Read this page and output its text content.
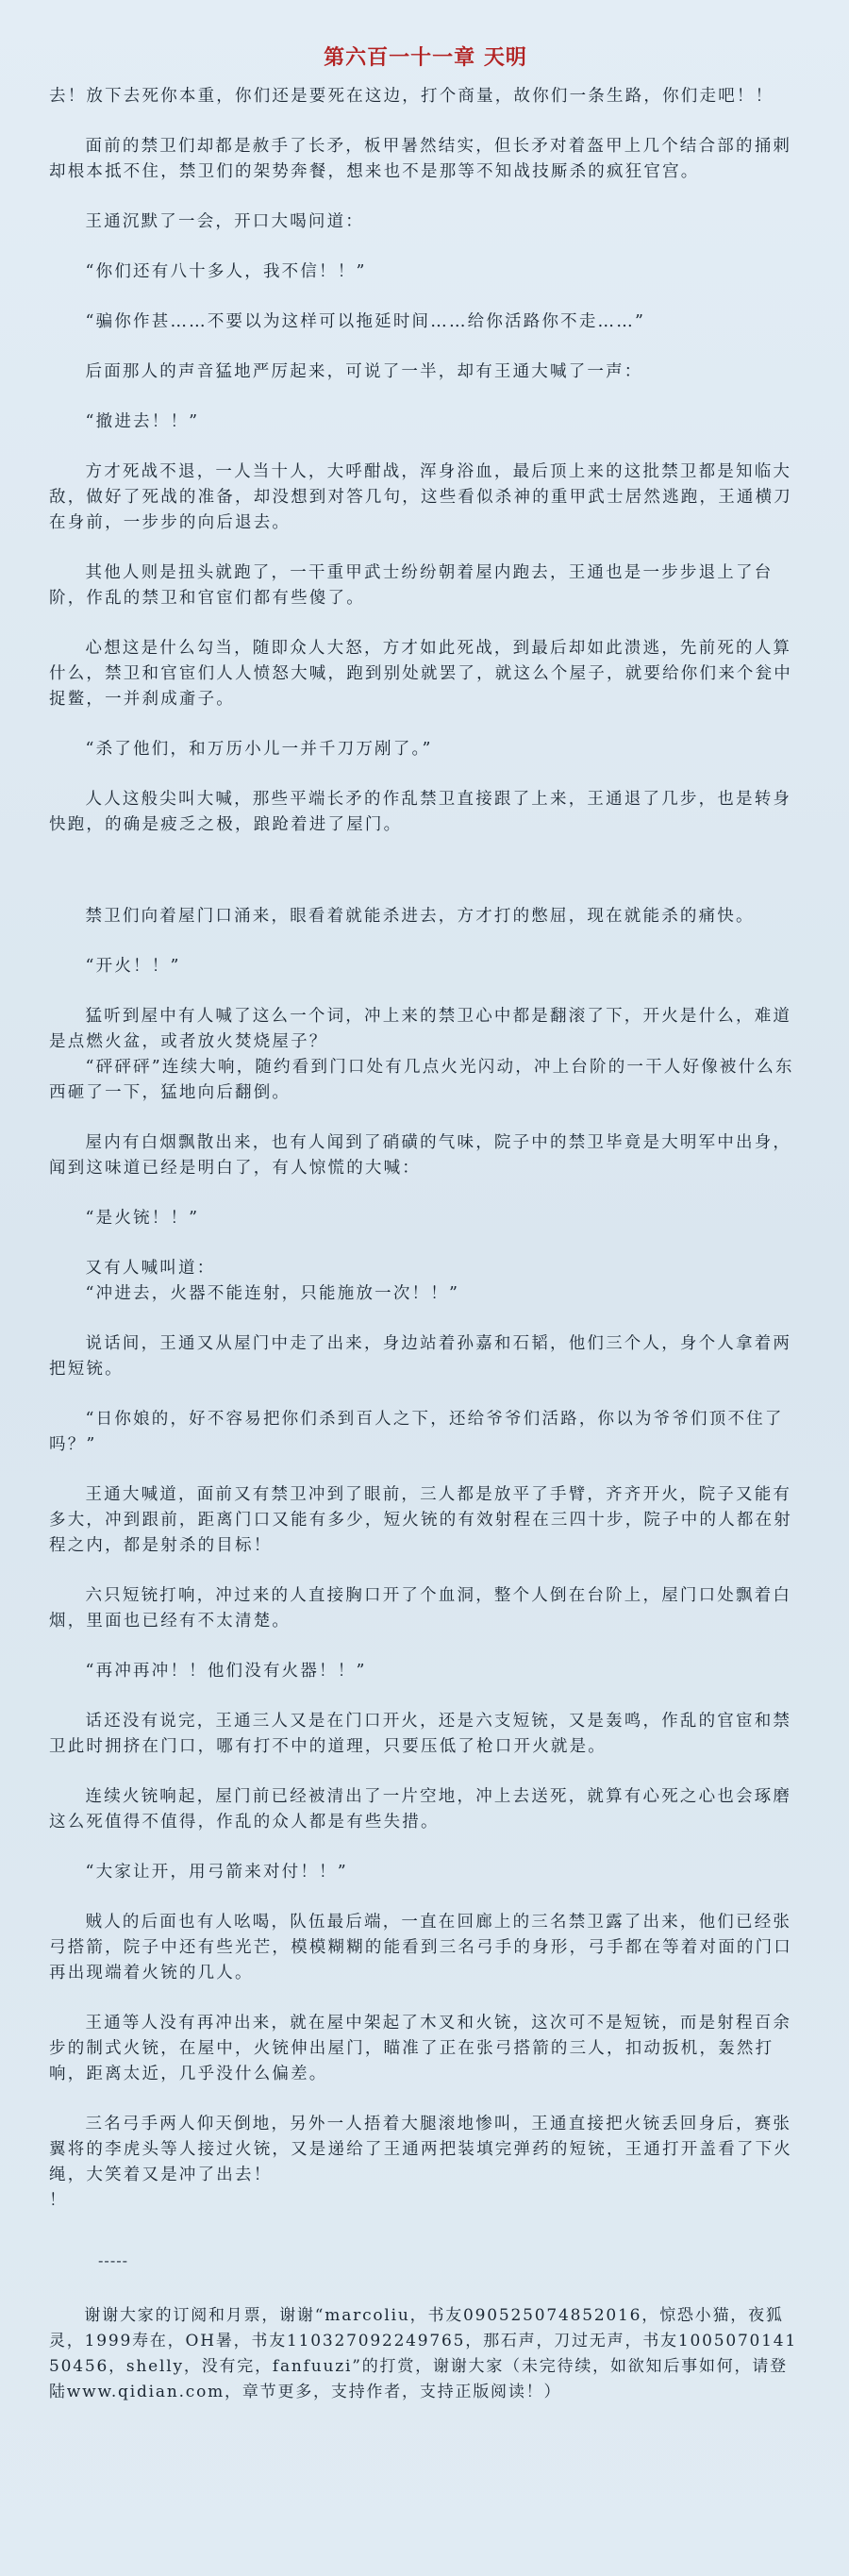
第六百一十一章 天明

去！放下去死你本重，你们还是要死在这边，打个商量，故你们一条生路，你们走吧！！

面前的禁卫们却都是赦手了长矛，板甲暑然结实，但长矛对着盔甲上几个结合部的捅刺却根本抵不住，禁卫们的架势奔餐，想来也不是那等不知战技厮杀的疯狂官宫。

王通沉默了一会，开口大喝问道：

“你们还有八十多人，我不信！！”

“骗你作甚……不要以为这样可以拖延时间……给你活路你不走……”

后面那人的声音猛地严厉起来，可说了一半，却有王通大喊了一声：

“撤进去！！”

方才死战不退，一人当十人，大呼酣战，浑身浴血，最后顶上来的这批禁卫都是知临大敌，做好了死战的准备，却没想到对答几句，这些看似杀神的重甲武士居然逃跑，王通横刀在身前，一步步的向后退去。

其他人则是扭头就跑了，一干重甲武士纷纷朝着屋内跑去，王通也是一步步退上了台阶，作乱的禁卫和官宦们都有些傻了。

心想这是什么勾当，随即众人大怒，方才如此死战，到最后却如此溃逃，先前死的人算什么，禁卫和官宦们人人愤怒大喊，跑到别处就罢了，就这么个屋子，就要给你们来个瓮中捉鳖，一并刹成齑子。

“杀了他们，和万历小儿一并千刀万剐了。”

人人这般尖叫大喊，那些平端长矛的作乱禁卫直接跟了上来，王通退了几步，也是转身快跑，的确是疲乏之极，踉跄着进了屋门。

禁卫们向着屋门口涌来，眼看着就能杀进去，方才打的憋屈，现在就能杀的痛快。

“开火！！”

猛听到屋中有人喊了这么一个词，冲上来的禁卫心中都是翻滚了下，开火是什么，难道是点燃火盆，或者放火焚烧屋子？

“砰砰砰”连续大响，随约看到门口处有几点火光闪动，冲上台阶的一干人好像被什么东西砸了一下，猛地向后翻倒。

屋内有白烟飘散出来，也有人闻到了硝磺的气味，院子中的禁卫毕竟是大明军中出身，闻到这味道已经是明白了，有人惊慌的大喊：

“是火铳！！”

又有人喊叫道：

“冲进去，火器不能连射，只能施放一次！！”

说话间，王通又从屋门中走了出来，身边站着孙嘉和石韬，他们三个人，身个人拿着两把短铳。

“日你娘的，好不容易把你们杀到百人之下，还给爷爷们活路，你以为爷爷们顶不住了吗？”

王通大喊道，面前又有禁卫冲到了眼前，三人都是放平了手臂，齐齐开火，院子又能有多大，冲到跟前，距离门口又能有多少，短火铳的有效射程在三四十步，院子中的人都在射程之内，都是射杀的目标！

六只短铳打响，冲过来的人直接胸口开了个血洞，整个人倒在台阶上，屋门口处飘着白烟，里面也已经有不太清楚。

“再冲再冲！！他们没有火器！！”

话还没有说完，王通三人又是在门口开火，还是六支短铳，又是轰鸣，作乱的官宦和禁卫此时拥挤在门口，哪有打不中的道理，只要压低了枪口开火就是。

连续火铳响起，屋门前已经被清出了一片空地，冲上去送死，就算有心死之心也会琢磨这么死值得不值得，作乱的众人都是有些失措。

“大家让开，用弓箭来对付！！”

贼人的后面也有人吆喝，队伍最后端，一直在回廊上的三名禁卫露了出来，他们已经张弓搭箭，院子中还有些光芒，模模糊糊的能看到三名弓手的身形，弓手都在等着对面的门口再出现端着火铳的几人。

王通等人没有再冲出来，就在屋中架起了木叉和火铳，这次可不是短铳，而是射程百余步的制式火铳，在屋中，火铳伸出屋门，瞄准了正在张弓搭箭的三人，扣动扳机，轰然打响，距离太近，几乎没什么偏差。

三名弓手两人仰天倒地，另外一人捂着大腿滚地惨叫，王通直接把火铳丢回身后，赛张翼将的李虎头等人接过火铳，又是递给了王通两把装填完弹药的短铳，王通打开盖看了下火绳，大笑着又是冲了出去！

！

-----
谢谢大家的订阅和月票，谢谢“marcoliu，书友090525074852016，惊恐小猫，夜狐灵，1999寿在，OH暑，书友110327092249765，那石声，刀过无声，书友100507014150456，shelly，没有完，fanfuuzi”的打赏，谢谢大家（未完待续，如欲知后事如何，请登陆www.qidian.com，章节更多，支持作者，支持正版阅读！）
